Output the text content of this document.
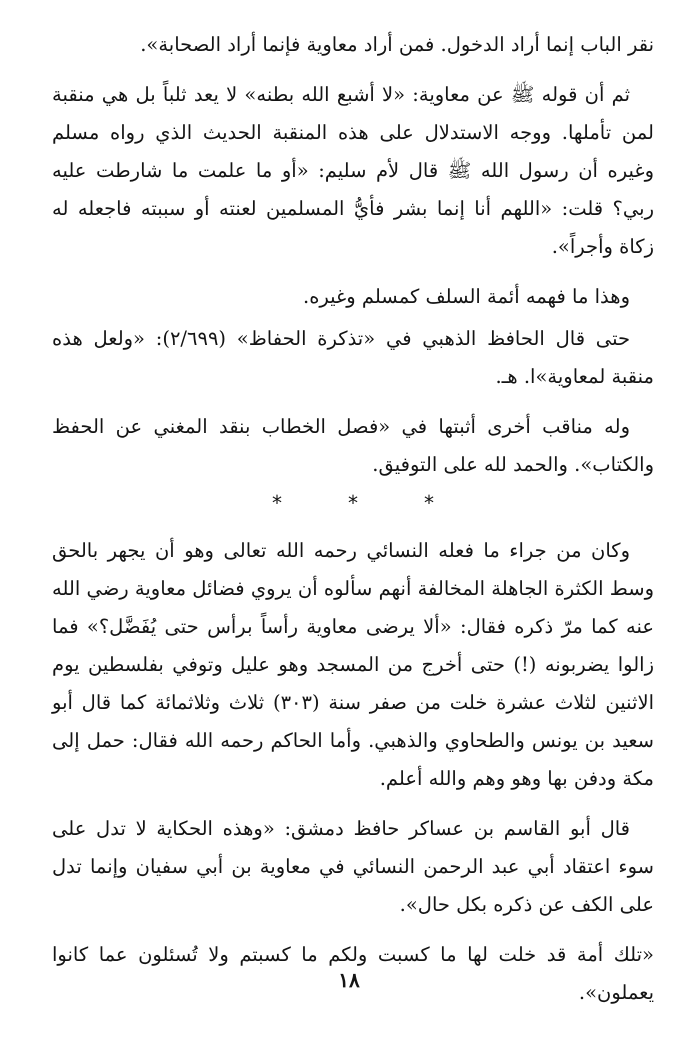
نقر الباب إنما أراد الدخول. فمن أراد معاوية فإنما أراد الصحابة».

ثم أن قوله ﷺ عن معاوية: «لا أشبع الله بطنه» لا يعد ثلباً بل هي منقبة لمن تأملها. ووجه الاستدلال على هذه المنقبة الحديث الذي رواه مسلم وغيره أن رسول الله ﷺ قال لأم سليم: «أو ما علمت ما شارطت عليه ربي؟ قلت: «اللهم أنا إنما بشر فأيُّ المسلمين لعنته أو سببته فاجعله له زكاة وأجراً».

وهذا ما فهمه أئمة السلف كمسلم وغيره.

حتى قال الحافظ الذهبي في «تذكرة الحفاظ» (٢/٦٩٩): «ولعل هذه منقبة لمعاوية»ا. هـ.

وله مناقب أخرى أثبتها في «فصل الخطاب بنقد المغني عن الحفظ والكتاب». والحمد لله على التوفيق.

*	*	*

وكان من جراء ما فعله النسائي رحمه الله تعالى وهو أن يجهر بالحق وسط الكثرة الجاهلة المخالفة أنهم سألوه أن يروي فضائل معاوية رضي الله عنه كما مرّ ذكره فقال: «ألا يرضى معاوية رأساً برأس حتى يُفَضَّل؟» فما زالوا يضربونه (!) حتى أخرج من المسجد وهو عليل وتوفي بفلسطين يوم الاثنين لثلاث عشرة خلت من صفر سنة (٣٠٣) ثلاث وثلاثمائة كما قال أبو سعيد بن يونس والطحاوي والذهبي. وأما الحاكم رحمه الله فقال: حمل إلى مكة ودفن بها وهو وهم والله أعلم.

قال أبو القاسم بن عساكر حافظ دمشق: «وهذه الحكاية لا تدل على سوء اعتقاد أبي عبد الرحمن النسائي في معاوية بن أبي سفيان وإنما تدل على الكف عن ذكره بكل حال».

«تلك أمة قد خلت لها ما كسبت ولكم ما كسبتم ولا تُسئلون عما كانوا يعملون».

١٨
